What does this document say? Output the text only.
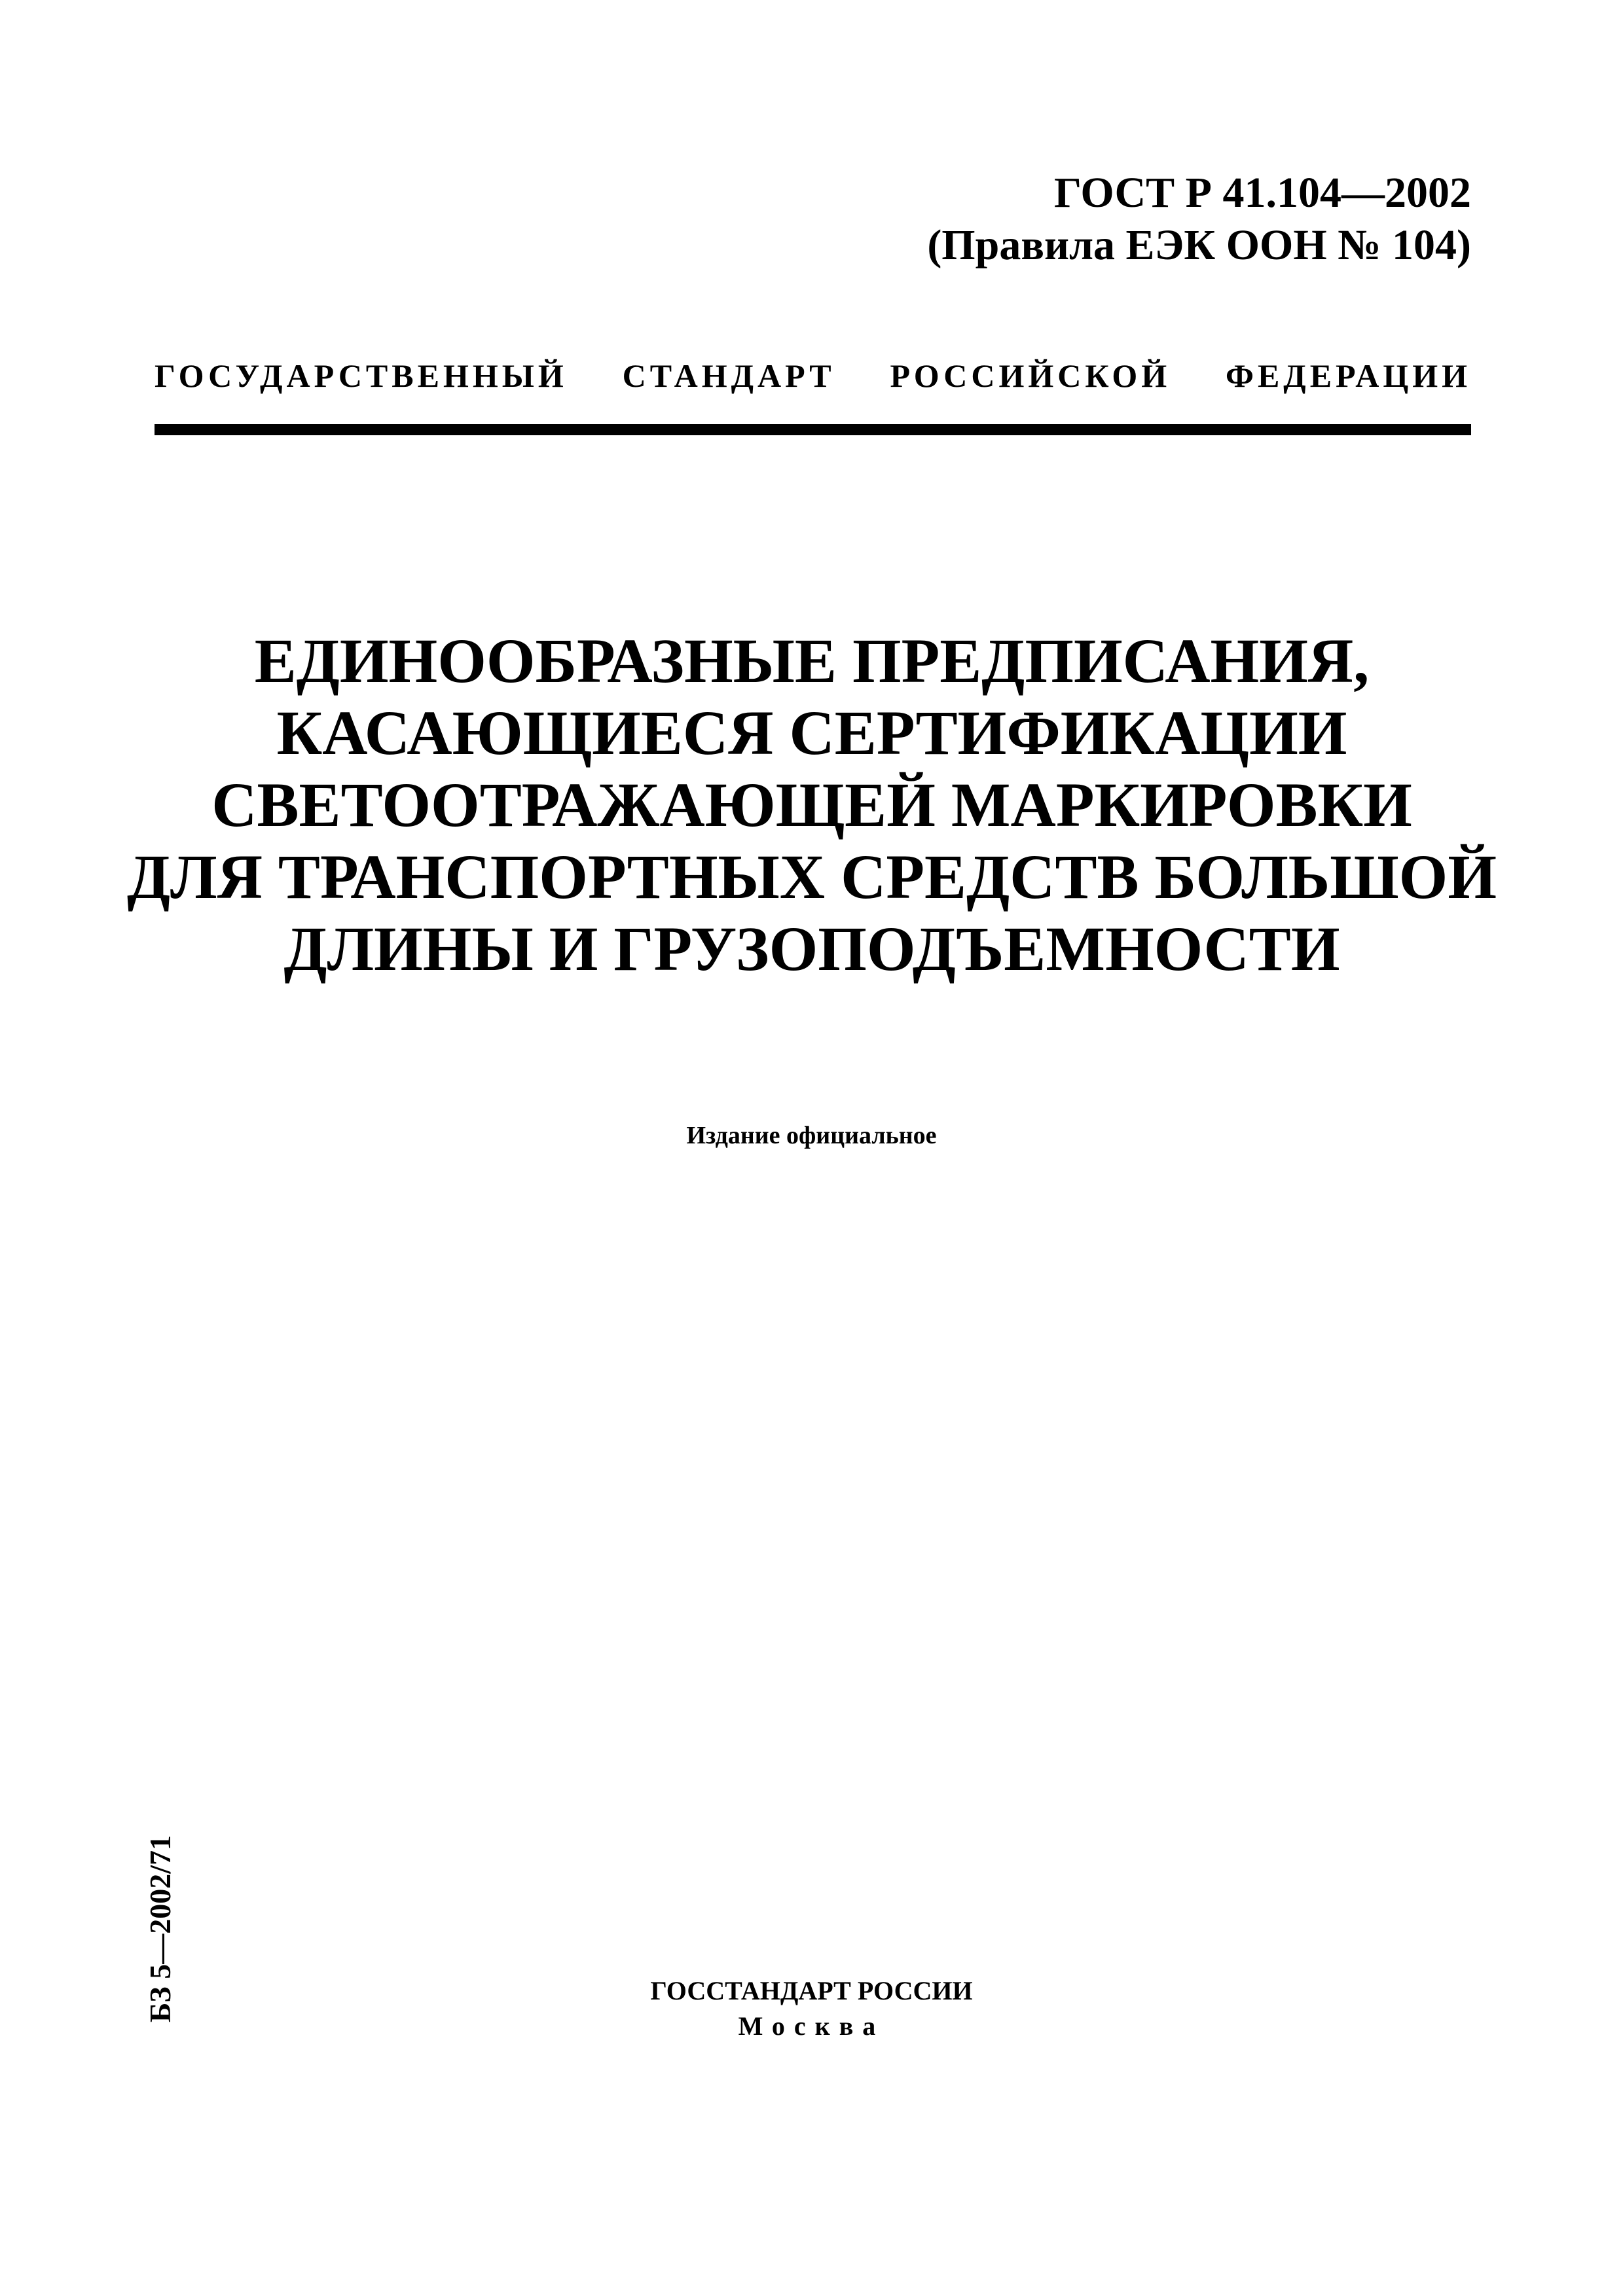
ГОСТ Р 41.104—2002
(Правила ЕЭК ООН № 104)
ГОСУДАРСТВЕННЫЙ СТАНДАРТ РОССИЙСКОЙ ФЕДЕРАЦИИ
ЕДИНООБРАЗНЫЕ ПРЕДПИСАНИЯ,
КАСАЮЩИЕСЯ СЕРТИФИКАЦИИ
СВЕТООТРАЖАЮЩЕЙ МАРКИРОВКИ
ДЛЯ ТРАНСПОРТНЫХ СРЕДСТВ БОЛЬШОЙ
ДЛИНЫ И ГРУЗОПОДЪЕМНОСТИ
Издание официальное
БЗ 5—2002/71	ГОССТАНДАРТ РОССИИ
Москва
